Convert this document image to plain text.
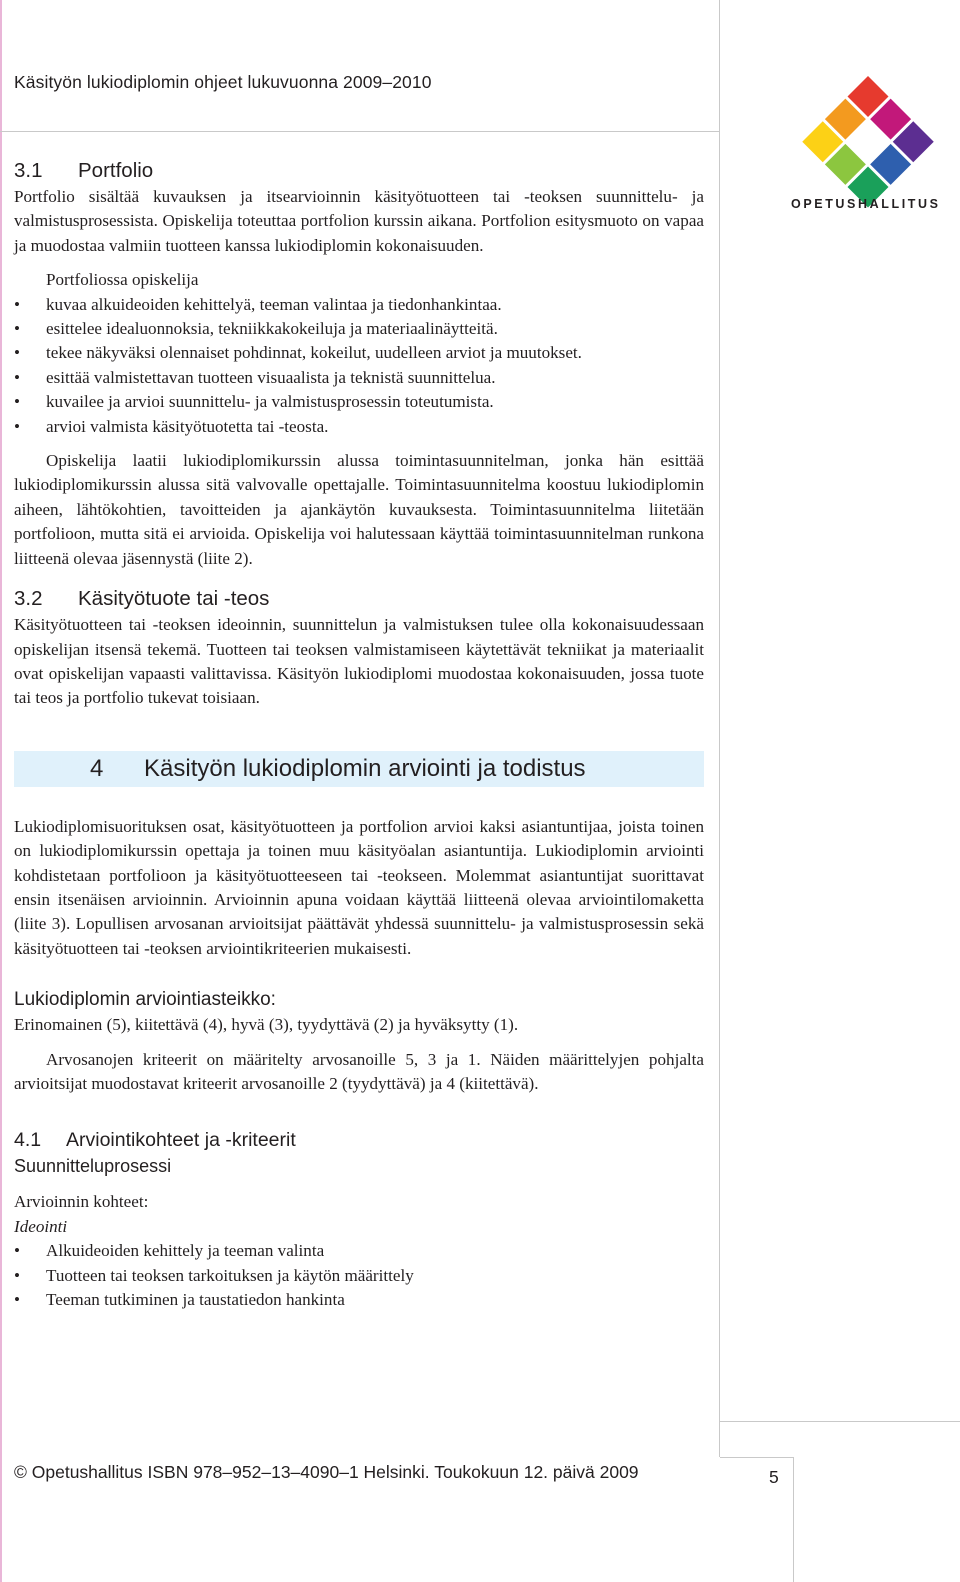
Käsityön lukiodiplomin ohjeet lukuvuonna 2009–2010
OPETUSHALLITUS
3.1 Portfolio

Portfolio sisältää kuvauksen ja itsearvioinnin käsityötuotteen tai -teoksen suunnittelu- ja valmistusprosessista. Opiskelija toteuttaa portfolion kurssin aikana. Portfolion esitysmuoto on vapaa ja muodostaa valmiin tuotteen kanssa lukiodiplomin kokonaisuuden.

Portfoliossa opiskelija

• kuvaa alkuideoiden kehittelyä, teeman valintaa ja tiedonhankintaa.
• esittelee idealuonnoksia, tekniikkakokeiluja ja materiaalinäytteitä.
• tekee näkyväksi olennaiset pohdinnat, kokeilut, uudelleen arviot ja muutokset.
• esittää valmistettavan tuotteen visuaalista ja teknistä suunnittelua.
• kuvailee ja arvioi suunnittelu- ja valmistusprosessin toteutumista.
• arvioi valmista käsityötuotetta tai -teosta.

Opiskelija laatii lukiodiplomikurssin alussa toimintasuunnitelman, jonka hän esittää lukiodiplomikurssin alussa sitä valvovalle opettajalle. Toimintasuunnitelma koostuu lukiodiplomin aiheen, lähtökohtien, tavoitteiden ja ajankäytön kuvauksesta. Toimintasuunnitelma liitetään portfolioon, mutta sitä ei arvioida. Opiskelija voi halutessaan käyttää toimintasuunnitelman runkona liitteenä olevaa jäsennystä (liite 2).

3.2 Käsityötuote tai -teos

Käsityötuotteen tai -teoksen ideoinnin, suunnittelun ja valmistuksen tulee olla kokonaisuudessaan opiskelijan itsensä tekemä. Tuotteen tai teoksen valmistamiseen käytettävät tekniikat ja materiaalit ovat opiskelijan vapaasti valittavissa. Käsityön lukiodiplomi muodostaa kokonaisuuden, jossa tuote tai teos ja portfolio tukevat toisiaan.

4 Käsityön lukiodiplomin arviointi ja todistus

Lukiodiplomisuorituksen osat, käsityötuotteen ja portfolion arvioi kaksi asiantuntijaa, joista toinen on lukiodiplomikurssin opettaja ja toinen muu käsityöalan asiantuntija. Lukiodiplomin arviointi kohdistetaan portfolioon ja käsityötuotteeseen tai -teokseen. Molemmat asiantuntijat suorittavat ensin itsenäisen arvioinnin. Arvioinnin apuna voidaan käyttää liitteenä olevaa arviointilomaketta (liite 3). Lopullisen arvosanan arvioitsijat päättävät yhdessä suunnittelu- ja valmistusprosessin sekä käsityötuotteen tai -teoksen arviointikriteerien mukaisesti.

Lukiodiplomin arviointiasteikko:

Erinomainen (5), kiitettävä (4), hyvä (3), tyydyttävä (2) ja hyväksytty (1).

Arvosanojen kriteerit on määritelty arvosanoille 5, 3 ja 1. Näiden määrittelyjen pohjalta arvioitsijat muodostavat kriteerit arvosanoille 2 (tyydyttävä) ja 4 (kiitettävä).

4.1 Arviointikohteet ja -kriteerit
Suunnitteluprosessi

Arvioinnin kohteet:

Ideointi

• Alkuideoiden kehittely ja teeman valinta
• Tuotteen tai teoksen tarkoituksen ja käytön määrittely
• Teeman tutkiminen ja taustatiedon hankinta
© Opetushallitus ISBN 978–952–13–4090–1 Helsinki. Toukokuun 12. päivä 2009	5
